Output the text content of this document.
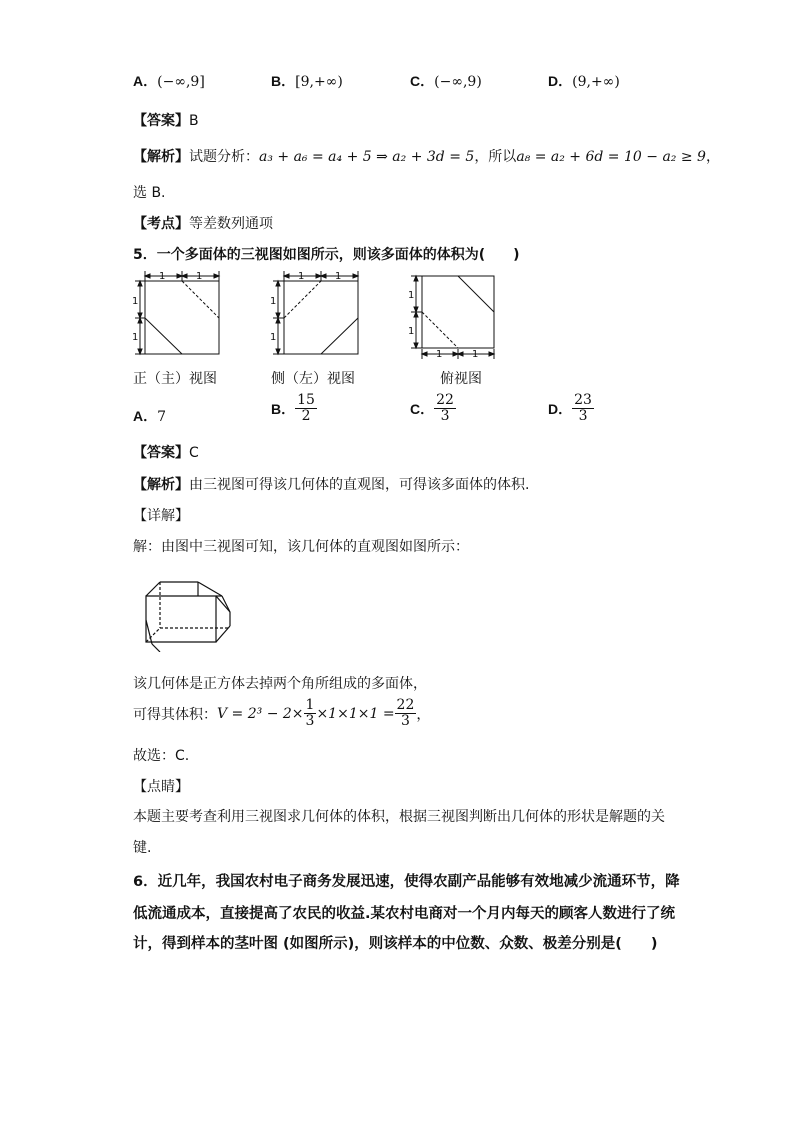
A．(−∞,9]	B．[9,+∞)	C．(−∞,9)	D．(9,+∞)
【答案】B
【解析】试题分析：a₃ + a₆ = a₄ + 5 ⇒ a₂ + 3d = 5，所以a₈ = a₂ + 6d = 10 − a₂ ≥ 9，
选 B.
【考点】等差数列通项
5．一个多面体的三视图如图所示，则该多面体的体积为(　　)
1	1
1
1
1	1
1
1
1
1
1	1
正（主）视图	侧（左）视图	俯视图
A．7
B． $\frac{15}{2}$	C． $\frac{22}{3}$	D． $\frac{23}{3}$
【答案】C
【解析】由三视图可得该几何体的直观图，可得该多面体的体积.
【详解】
解：由图中三视图可知，该几何体的直观图如图所示：
该几何体是正方体去掉两个角所组成的多面体，
可得其体积：$V = 2^3 - 2\times \frac{1}{3} \times 1\times 1\times 1 = \frac{22}{3}$ ，
故选：C.
【点睛】
本题主要考查利用三视图求几何体的体积，根据三视图判断出几何体的形状是解题的关
键.
6．近几年，我国农村电子商务发展迅速，使得农副产品能够有效地减少流通环节，降
低流通成本，直接提高了农民的收益.某农村电商对一个月内每天的顾客人数进行了统
计，得到样本的茎叶图 (如图所示)，则该样本的中位数、众数、极差分别是(　　)
